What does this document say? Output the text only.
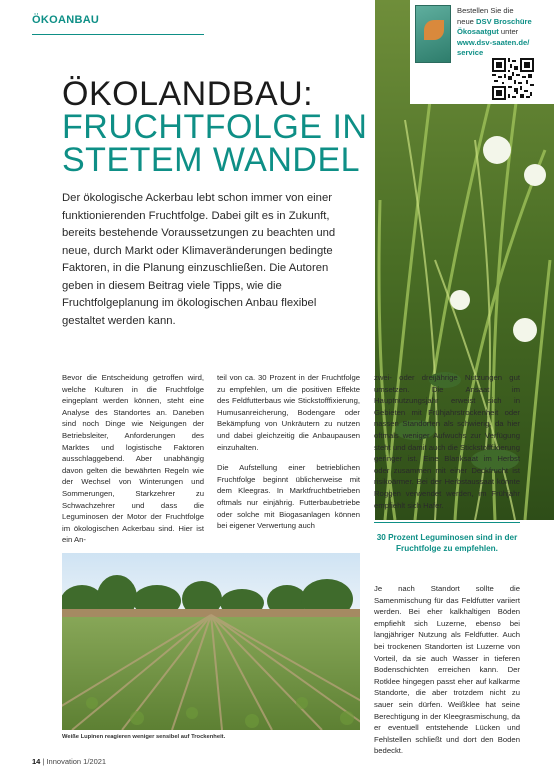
ÖKOANBAU
Bestellen Sie die
neue DSV Broschüre
Ökosaatgut unter
www.dsv-saaten.de/
service
ÖKOLANDBAU:
FRUCHTFOLGE IN
STETEM WANDEL

Der ökologische Ackerbau lebt schon immer von einer funktionierenden Fruchtfolge. Dabei gilt es in Zukunft, bereits bestehende Voraussetzungen zu beachten und neue, durch Markt oder Klimaveränderungen bedingte Faktoren, in die Planung einzuschließen. Die Autoren geben in diesem Beitrag viele Tipps, wie die Fruchtfolgeplanung im ökologischen Anbau flexibel gestaltet werden kann.

Bevor die Entscheidung getroffen wird, welche Kulturen in die Fruchtfolge eingeplant werden können, steht eine Analyse des Standortes an. Daneben sind noch Dinge wie Neigungen der Betriebsleiter, Anforderungen des Marktes und logistische Faktoren ausschlaggebend. Aber unabhängig davon gelten die bewährten Regeln wie der Wechsel von Winterungen und Sommerungen, Starkzehrer zu Schwachzehrer und dass die Leguminosen der Motor der Fruchtfolge im ökologischen Ackerbau sind. Hier ist ein An-

teil von ca. 30 Prozent in der Fruchtfolge zu empfehlen, um die positiven Effekte des Feldfutterbaus wie Stickstofffixierung, Humusanreicherung, Bodengare oder Bekämpfung von Unkräutern zu nutzen und dabei gleichzeitig die Anbaupausen einzuhalten.

Die Aufstellung einer betrieblichen Fruchtfolge beginnt üblicherweise mit dem Kleegras. In Marktfruchtbetrieben oftmals nur einjährig. Futterbaubetriebe oder solche mit Biogasanlagen können bei eigener Verwertung auch

zwei- oder dreijährige Nutzungen gut umsetzen. Die Ansaat im Hauptnutzungsjahr erweist sich in Gebieten mit Frühjahrstrockenheit oder nassen Standorten als schwierig, da hier oftmals weniger Aufwuchs zur Verfügung steht und damit auch die Stickstofffixierung geringer ist. Eine Blanksaat im Herbst oder zusammen mit einer Deckfrucht ist risikoärmer. Bei der Herbstaussaat könnte Roggen verwendet werden, im Frühjahr empfiehlt sich Hafer.

30 Prozent Leguminosen sind in der Fruchtfolge zu empfehlen.

Je nach Standort sollte die Samenmischung für das Feldfutter variiert werden. Bei eher kalkhaltigen Böden empfiehlt sich Luzerne, ebenso bei langjähriger Nutzung als Feldfutter. Auch bei trockenen Standorten ist Luzerne von Vorteil, da sie auch Wasser in tieferen Bodenschichten erreichen kann. Der Rotklee hingegen passt eher auf kalkarme Standorte, die aber trotzdem nicht zu sauer sein dürfen. Weißklee hat seine Berechtigung in der Kleegrasmischung, da er eventuell entstehende Lücken und Fehlstellen schließt und dort den Boden bedeckt.

Weiße Lupinen reagieren weniger sensibel auf Trockenheit.
14 | Innovation 1/2021
